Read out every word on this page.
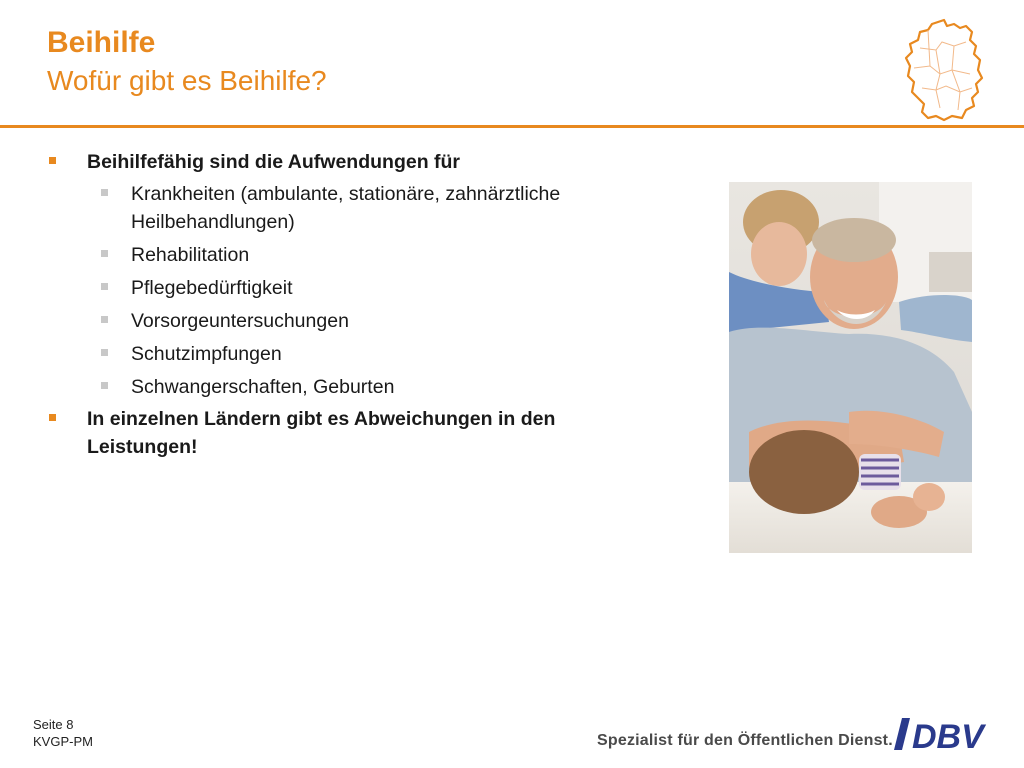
Beihilfe
Wofür gibt es Beihilfe?
Beihilfefähig sind die Aufwendungen für
Krankheiten (ambulante, stationäre, zahnärztliche Heilbehandlungen)
Rehabilitation
Pflegebedürftigkeit
Vorsorgeuntersuchungen
Schutzimpfungen
Schwangerschaften, Geburten
In einzelnen Ländern gibt es Abweichungen in den Leistungen!
Seite 8
KVGP-PM	Spezialist für den Öffentlichen Dienst. DBV
